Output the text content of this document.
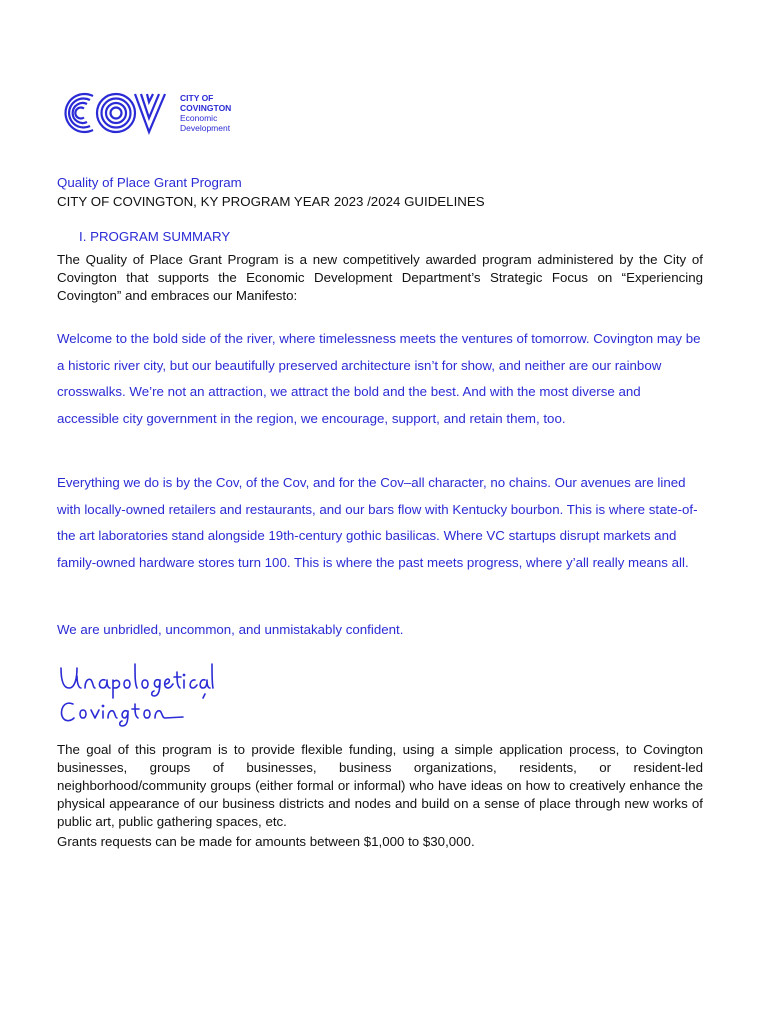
CITY OF
COVINGTON
Economic
Development
Quality of Place Grant Program
CITY OF COVINGTON, KY PROGRAM YEAR 2023 /2024 GUIDELINES
I. PROGRAM SUMMARY
The Quality of Place Grant Program is a new competitively awarded program administered by the City of Covington that supports the Economic Development Department’s Strategic Focus on “Experiencing Covington” and embraces our Manifesto:
Welcome to the bold side of the river, where timelessness meets the ventures of tomorrow. Covington may be a historic river city, but our beautifully preserved architecture isn’t for show, and neither are our rainbow crosswalks. We’re not an attraction, we attract the bold and the best. And with the most diverse and accessible city government in the region, we encourage, support, and retain them, too.
Everything we do is by the Cov, of the Cov, and for the Cov–all character, no chains. Our avenues are lined with locally-owned retailers and restaurants, and our bars flow with Kentucky bourbon. This is where state-of-the art laboratories stand alongside 19th-century gothic basilicas. Where VC startups disrupt markets and family-owned hardware stores turn 100. This is where the past meets progress, where y’all really means all.
We are unbridled, uncommon, and unmistakably confident.
The goal of this program is to provide flexible funding, using a simple application process, to Covington businesses, groups of businesses, business organizations, residents, or resident-led neighborhood/community groups (either formal or informal) who have ideas on how to creatively enhance the physical appearance of our business districts and nodes and build on a sense of place through new works of public art, public gathering spaces, etc.
Grants requests can be made for amounts between $1,000 to $30,000.
